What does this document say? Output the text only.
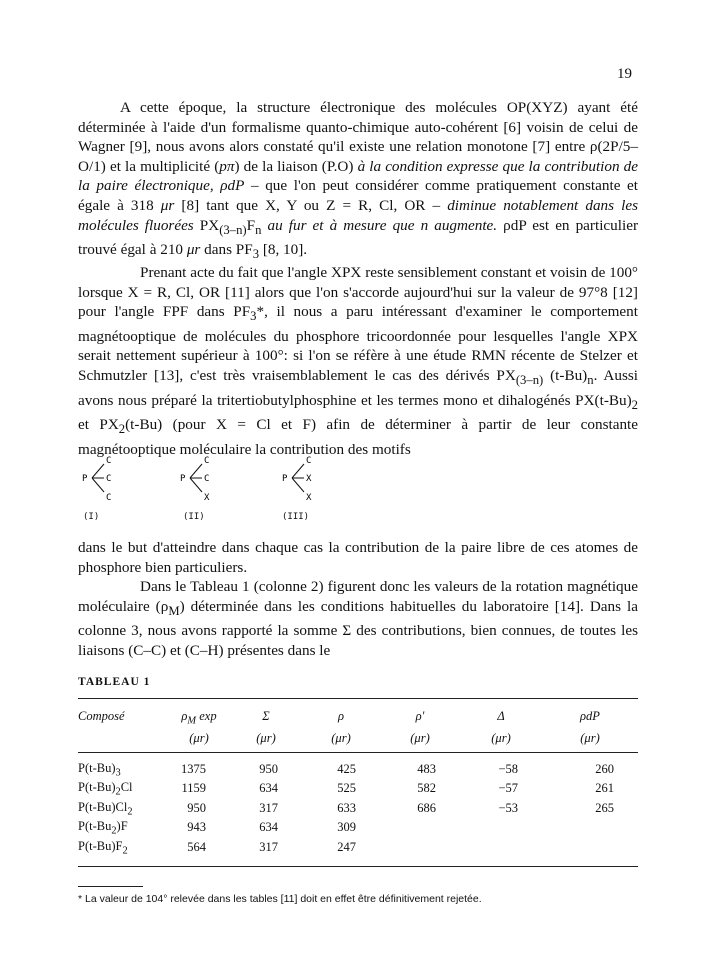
19

A cette époque, la structure électronique des molécules OP(XYZ) ayant été déterminée à l'aide d'un formalisme quanto-chimique auto-cohérent [6] voisin de celui de Wagner [9], nous avons alors constaté qu'il existe une relation monotone [7] entre ρ(2P/5–O/1) et la multiplicité (pπ) de la liaison (P.O) à la condition expresse que la contribution de la paire électronique, ρdP – que l'on peut considérer comme pratiquement constante et égale à 318 μr [8] tant que X, Y ou Z = R, Cl, OR – diminue notablement dans les molécules fluorées $PX_{(3-n)}F_n$ au fur et à mesure que n augmente. ρdP est en particulier trouvé égal à 210 μr dans $PF_3$ [8, 10].

Prenant acte du fait que l'angle XPX reste sensiblement constant et voisin de 100° lorsque X = R, Cl, OR [11] alors que l'on s'accorde aujourd'hui sur la valeur de 97°8 [12] pour l'angle FPF dans $PF_3*$, il nous a paru intéressant d'examiner le comportement magnétooptique de molécules du phosphore tricoordonnée pour lesquelles l'angle XPX serait nettement supérieur à 100°: si l'on se réfère à une étude RMN récente de Stelzer et Schmutzler [13], c'est très vraisemblablement le cas des dérivés $PX_{(3-n)}$ $(t-Bu)_n$. Aussi avons nous préparé la tritertiobutylphosphine et les termes mono et dihalogénés $PX(t-Bu)_2$ et $PX_2(t-Bu)$ (pour X = Cl et F) afin de déterminer à partir de leur constante magnétooptique moléculaire la contribution des motifs

C
P C
C
(I)
C
P C
X
(II)
C
P X
X
(III)

dans le but d'atteindre dans chaque cas la contribution de la paire libre de ces atomes de phosphore bien particuliers.

Dans le Tableau 1 (colonne 2) figurent donc les valeurs de la rotation magnétique moléculaire $(\rho_M)$ déterminée dans les conditions habituelles du laboratoire [14]. Dans la colonne 3, nous avons rapporté la somme Σ des contributions, bien connues, de toutes les liaisons (C–C) et (C–H) présentes dans le

TABLEAU 1
Composé	$\rho_M$ exp	Σ	ρ	ρ'	Δ	ρdP
	(μr)	(μr)	(μr)	(μr)	(μr)	(μr)
$P(t-Bu)_3$	1375	950	425	483	−58	260
$P(t-Bu)_2Cl$	1159	634	525	582	−57	261
$P(t-Bu)Cl_2$	950	317	633	686	−53	265
$P(t-Bu_2)F$	943	634	309			
$P(t-Bu)F_2$	564	317	247			
* La valeur de 104° relevée dans les tables [11] doit en effet être définitivement rejetée.
